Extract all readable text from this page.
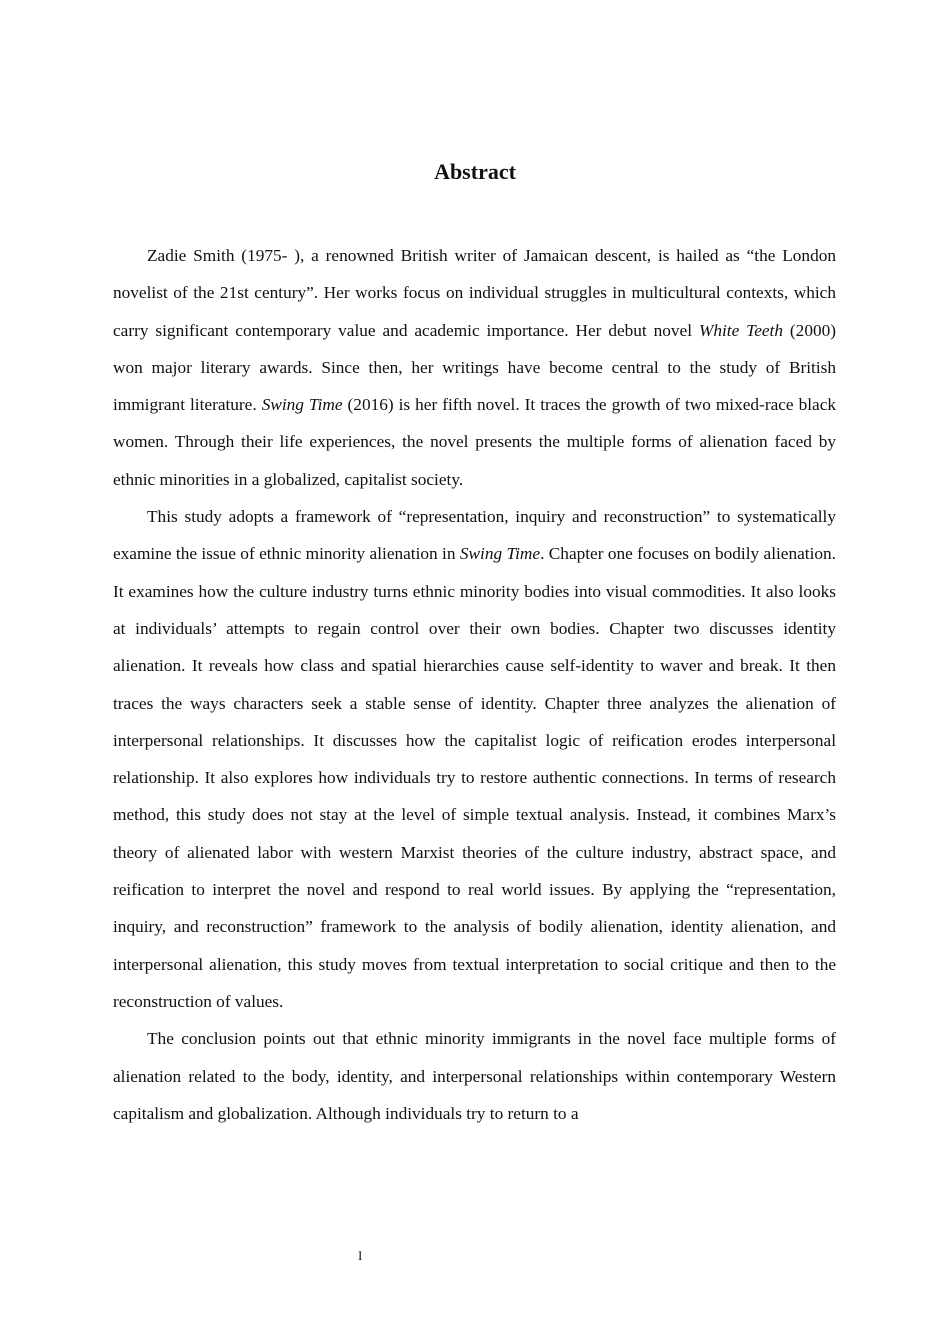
Abstract

Zadie Smith (1975- ), a renowned British writer of Jamaican descent, is hailed as “the London novelist of the 21st century”. Her works focus on individual struggles in multicultural contexts, which carry significant contemporary value and academic importance. Her debut novel White Teeth (2000) won major literary awards. Since then, her writings have become central to the study of British immigrant literature. Swing Time (2016) is her fifth novel. It traces the growth of two mixed-race black women. Through their life experiences, the novel presents the multiple forms of alienation faced by ethnic minorities in a globalized, capitalist society.

This study adopts a framework of “representation, inquiry and reconstruction” to systematically examine the issue of ethnic minority alienation in Swing Time. Chapter one focuses on bodily alienation. It examines how the culture industry turns ethnic minority bodies into visual commodities. It also looks at individuals’ attempts to regain control over their own bodies. Chapter two discusses identity alienation. It reveals how class and spatial hierarchies cause self-identity to waver and break. It then traces the ways characters seek a stable sense of identity. Chapter three analyzes the alienation of interpersonal relationships. It discusses how the capitalist logic of reification erodes interpersonal relationship. It also explores how individuals try to restore authentic connections. In terms of research method, this study does not stay at the level of simple textual analysis. Instead, it combines Marx’s theory of alienated labor with western Marxist theories of the culture industry, abstract space, and reification to interpret the novel and respond to real world issues. By applying the “representation, inquiry, and reconstruction” framework to the analysis of bodily alienation, identity alienation, and interpersonal alienation, this study moves from textual interpretation to social critique and then to the reconstruction of values.

The conclusion points out that ethnic minority immigrants in the novel face multiple forms of alienation related to the body, identity, and interpersonal relationships within contemporary Western capitalism and globalization. Although individuals try to return to a

I
